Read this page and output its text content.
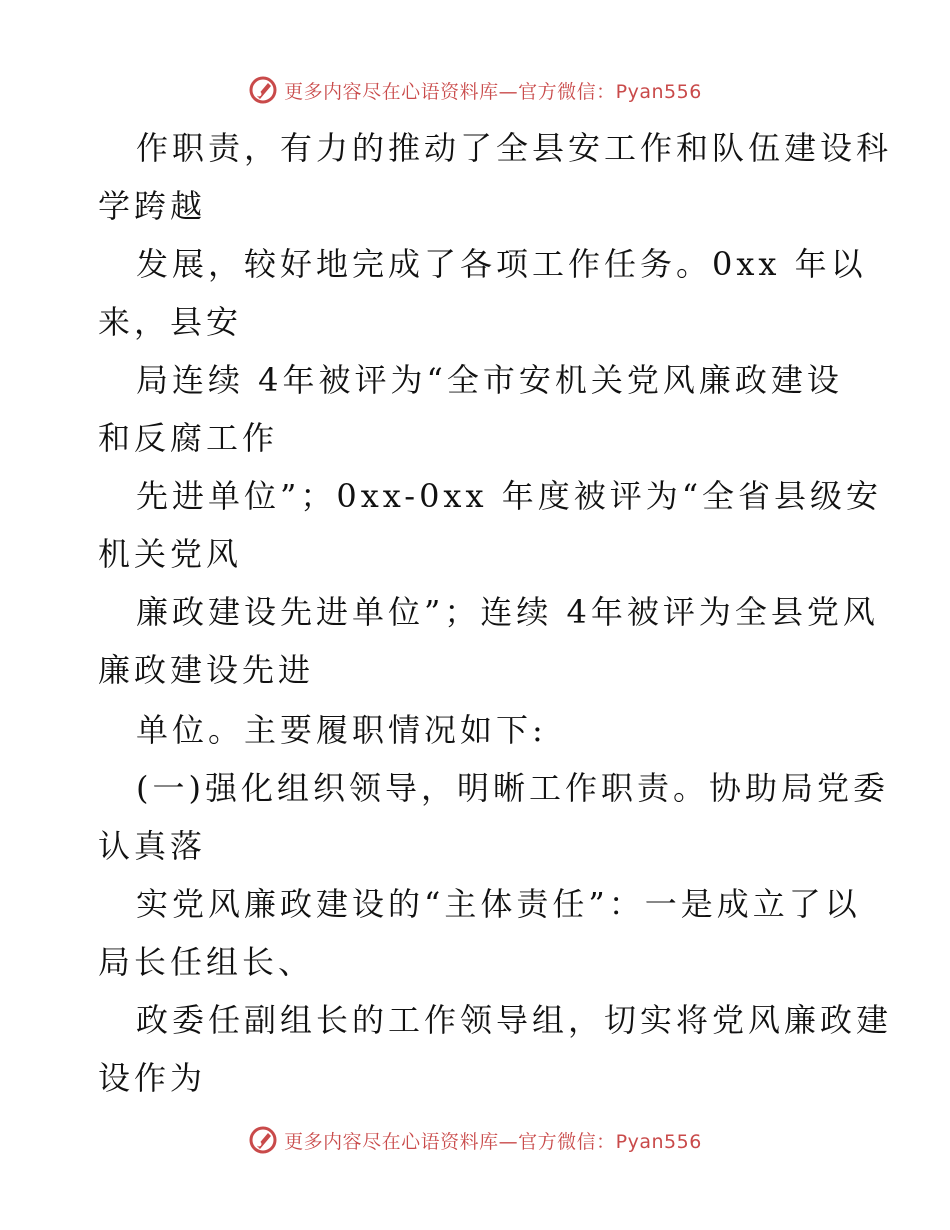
更多内容尽在心语资料库—官方微信：Pyan556
作职责，有力的推动了全县安工作和队伍建设科
学跨越
发展，较好地完成了各项工作任务。0xx 年以
来，县安
局连续 4年被评为“全市安机关党风廉政建设
和反腐工作
先进单位”；0xx-0xx 年度被评为“全省县级安
机关党风
廉政建设先进单位”；连续 4年被评为全县党风
廉政建设先进
单位。主要履职情况如下:
(一)强化组织领导，明晰工作职责。协助局党委
认真落
实党风廉政建设的“主体责任”：一是成立了以
局长任组长、
政委任副组长的工作领导组，切实将党风廉政建
设作为
更多内容尽在心语资料库—官方微信：Pyan556
